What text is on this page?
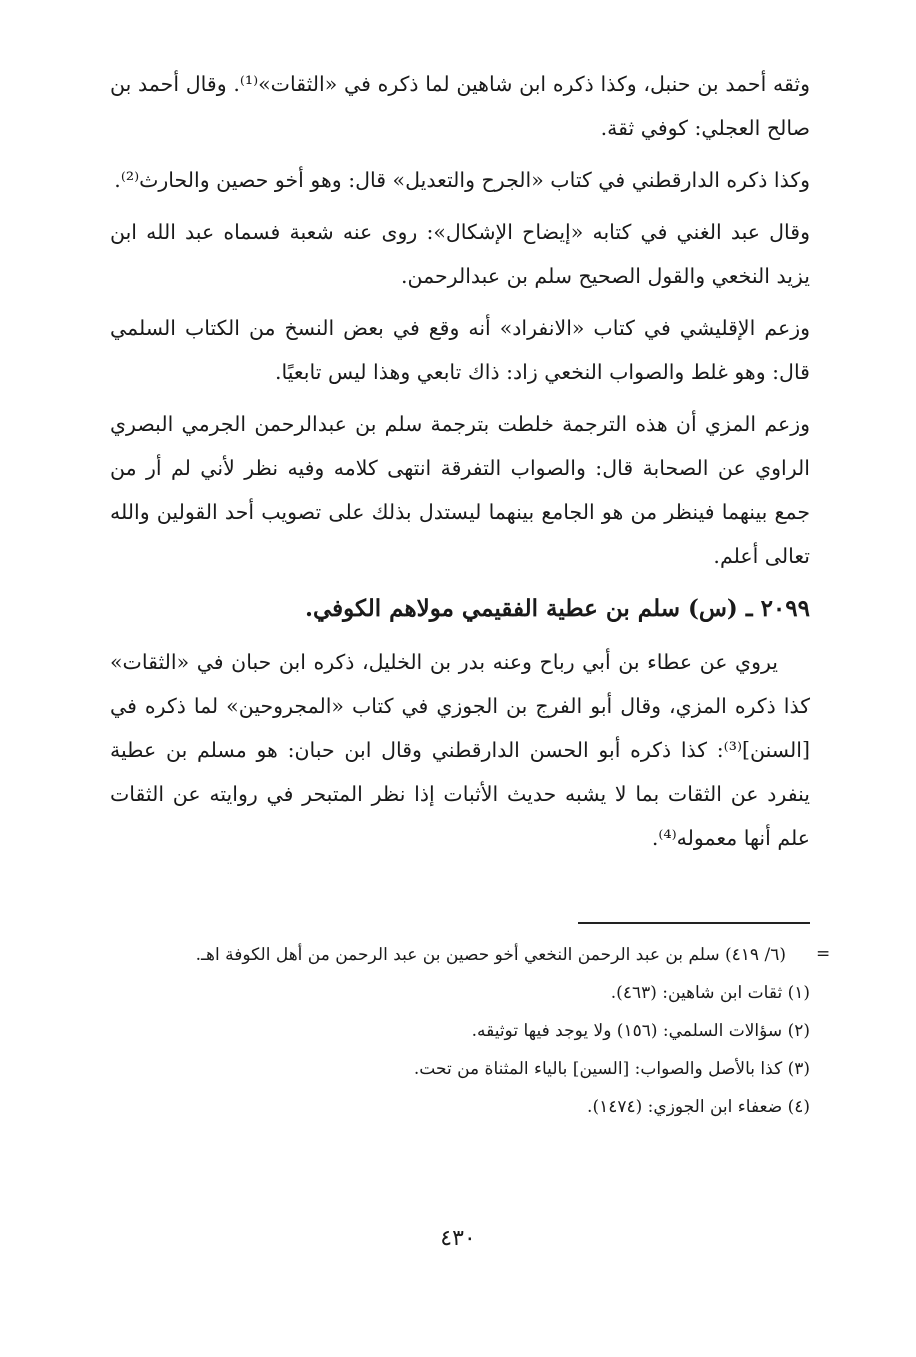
وثقه أحمد بن حنبل، وكذا ذكره ابن شاهين لما ذكره في «الثقات»⁽¹⁾. وقال أحمد بن صالح العجلي: كوفي ثقة.

وكذا ذكره الدارقطني في كتاب «الجرح والتعديل» قال: وهو أخو حصين والحارث⁽²⁾.

وقال عبد الغني في كتابه «إيضاح الإشكال»: روى عنه شعبة فسماه عبد الله ابن يزيد النخعي والقول الصحيح سلم بن عبدالرحمن.

وزعم الإقليشي في كتاب «الانفراد» أنه وقع في بعض النسخ من الكتاب السلمي قال: وهو غلط والصواب النخعي زاد: ذاك تابعي وهذا ليس تابعيًا.

وزعم المزي أن هذه الترجمة خلطت بترجمة سلم بن عبدالرحمن الجرمي البصري الراوي عن الصحابة قال: والصواب التفرقة انتهى كلامه وفيه نظر لأني لم أر من جمع بينهما فينظر من هو الجامع بينهما ليستدل بذلك على تصويب أحد القولين والله تعالى أعلم.

٢٠٩٩ ـ (س) سلم بن عطية الفقيمي مولاهم الكوفي.

يروي عن عطاء بن أبي رباح وعنه بدر بن الخليل، ذكره ابن حبان في «الثقات» كذا ذكره المزي، وقال أبو الفرج بن الجوزي في كتاب «المجروحين» لما ذكره في [السنن]⁽³⁾: كذا ذكره أبو الحسن الدارقطني وقال ابن حبان: هو مسلم بن عطية ينفرد عن الثقات بما لا يشبه حديث الأثبات إذا نظر المتبحر في روايته عن الثقات علم أنها معموله⁽⁴⁾.

=

(٦/ ٤١٩) سلم بن عبد الرحمن النخعي أخو حصين بن عبد الرحمن من أهل الكوفة اهـ.

(١) ثقات ابن شاهين: (٤٦٣).

(٢) سؤالات السلمي: (١٥٦) ولا يوجد فيها توثيقه.

(٣) كذا بالأصل والصواب: [السين] بالياء المثناة من تحت.

(٤) ضعفاء ابن الجوزي: (١٤٧٤).

٤٣٠
